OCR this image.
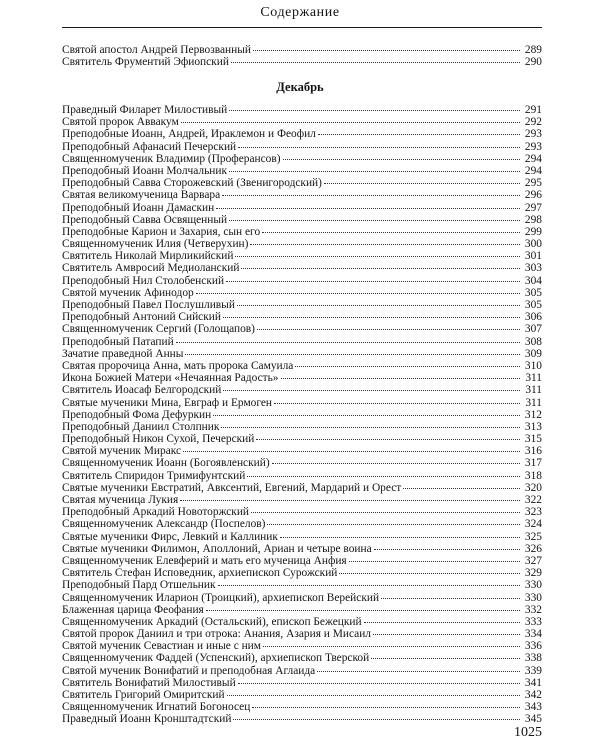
Содержание
Святой апостол Андрей Первозванный	289
Святитель Фрументий Эфиопский	290
Декабрь
Праведный Филарет Милостивый	291
Святой пророк Аввакум	292
Преподобные Иоанн, Андрей, Ираклемон и Феофил	293
Преподобный Афанасий Печерский	293
Священномученик Владимир (Проферансов)	294
Преподобный Иоанн Молчальник	294
Преподобный Савва Сторожевский (Звенигородский)	295
Святая великомученица Варвара	296
Преподобный Иоанн Дамаскин	297
Преподобный Савва Освященный	298
Преподобные Карион и Захария, сын его	299
Священномученик Илия (Четверухин)	300
Святитель Николай Мирликийский	301
Святитель Амвросий Медиоланский	303
Преподобный Нил Столобенский	304
Святой мученик Афинодор	305
Преподобный Павел Послушливый	305
Преподобный Антоний Сийский	306
Священномученик Сергий (Голощапов)	307
Преподобный Патапий	308
Зачатие праведной Анны	309
Святая пророчица Анна, мать пророка Самуила	310
Икона Божией Матери «Нечаянная Радость»	311
Святитель Иоасаф Белгородский	311
Святые мученики Мина, Евграф и Ермоген	311
Преподобный Фома Дефуркин	312
Преподобный Даниил Столпник	313
Преподобный Никон Сухой, Печерский	315
Святой мученик Миракс	316
Священномученик Иоанн (Богоявленский)	317
Святитель Спиридон Тримифунтский	318
Святые мученики Евстратий, Авксентий, Евгений, Мардарий и Орест	320
Святая мученица Лукия	322
Преподобный Аркадий Новоторжский	323
Священномученик Александр (Поспелов)	324
Святые мученики Фирс, Левкий и Каллиник	325
Святые мученики Филимон, Аполлоний, Ариан и четыре воина	326
Священномученик Елевферий и мать его мученица Анфия	327
Святитель Стефан Исповедник, архиепископ Сурожский	329
Преподобный Пард Отшельник	330
Священномученик Иларион (Троицкий), архиепископ Верейский	330
Блаженная царица Феофания	332
Священномученик Аркадий (Остальский), епископ Бежецкий	333
Святой пророк Даниил и три отрока: Анания, Азария и Мисаил	334
Святой мученик Севастиан и иные с ним	336
Священномученик Фаддей (Успенский), архиепископ Тверской	338
Святой мученик Вонифатий и преподобная Аглаида	339
Святитель Вонифатий Милостивый	341
Святитель Григорий Омиритский	342
Священномученик Игнатий Богоносец	343
Праведный Иоанн Кронштадтский	345
1025
